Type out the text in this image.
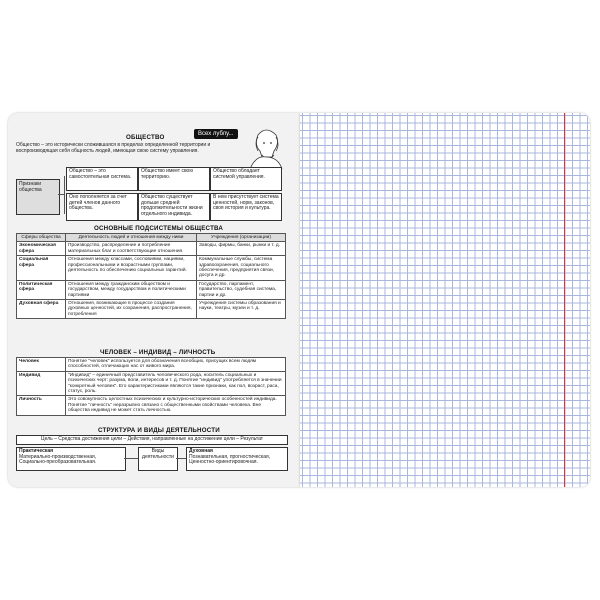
ОБЩЕСТВО	Всех лублу...
Общество – это исторически сложившаяся в пределах определенной территории и воспроизводящая себя общность людей, имеющая свою систему управления.
Признаки общества
Общество – это самостоятельная система.
Общество имеет свою территорию.
Общество обладает системой управления.
Оно пополняется за счет детей членов данного общества.
Общество существует дольше средней продолжительности жизни отдельного индивида.
В нем присутствует система ценностей, норм, законов, своя история и культура.
ОСНОВНЫЕ ПОДСИСТЕМЫ ОБЩЕСТВА
Сферы общества	Деятельность людей и отношения между ними	Учреждения (организации)
Экономическая сфера	Производство, распределение и потребление материальных благ и соответствующие отношения.	Заводы, фирмы, банки, рынки и т. д.
Социальная сфера	Отношения между классами, сословиями, нациями, профессиональными и возрастными группами, деятельность по обеспечению социальных гарантий.	Коммунальные службы, система здравоохранения, социального обеспечения, предприятия связи, досуга и др.
Политическая сфера	Отношения между гражданским обществом и государством, между государством и политическими партиями	Государство, парламент, правительство, судебная система, партии и др.
Духовная сфера	Отношения, возникающие в процессе создания духовных ценностей, их сохранения, распространения, потребления	Учреждения системы образования и науки, театры, музеи и т. д.
ЧЕЛОВЕК – ИНДИВИД – ЛИЧНОСТЬ
Человек	Понятие "человек" используется для обозначения всеобщих, присущих всем людям способностей, отличающих нас от живого мира.
Индивид	"Индивид" – единичный представитель человеческого рода, носитель социальных и психических черт: разума, воли, интересов и т. д. Понятие "индивид" употребляется в значении "конкретный человек". Его характеристиками являются такие признаки, как пол, возраст, раса, статус, роль.
Личность	Это совокупность целостных психических и культурно-исторических особенностей индивида. Понятие "личность" неразрывно связано с общественными свойствами человека. Вне общества индивид не может стать личностью.
СТРУКТУРА И ВИДЫ ДЕЯТЕЛЬНОСТИ
Цель – Средства достижения цели – Действия, направленные на достижение цели – Результат
Практическая
Материально-производственная, Социально-преобразовательная.
Виды деятельности
Духовная
Познавательная, прогностическая, Ценностно-ориентировочная.
